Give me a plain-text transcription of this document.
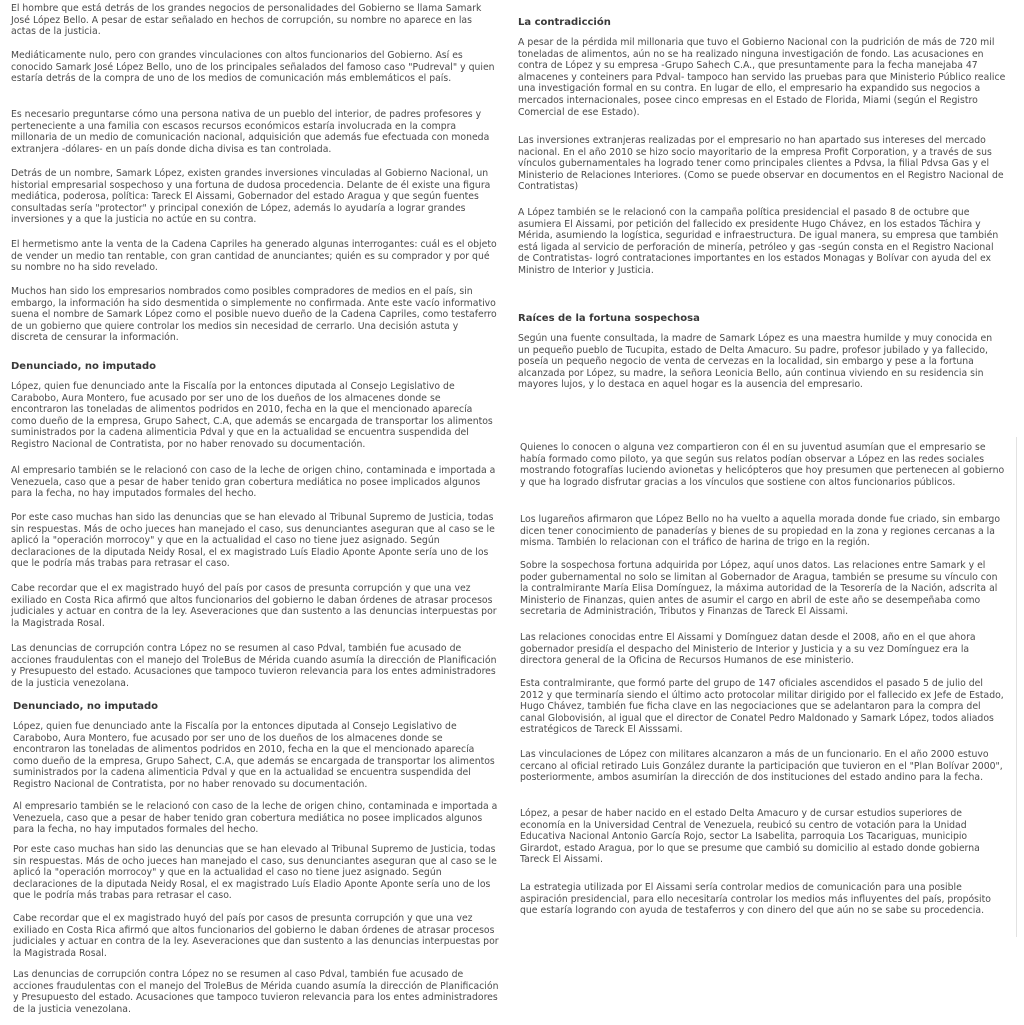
El hombre que está detrás de los grandes negocios de personalidades del Gobierno se llama Samark José López Bello. A pesar de estar señalado en hechos de corrupción, su nombre no aparece en las actas de la justicia.

Mediáticamente nulo, pero con grandes vinculaciones con altos funcionarios del Gobierno. Así es conocido Samark José López Bello, uno de los principales señalados del famoso caso "Pudreval" y quien estaría detrás de la compra de uno de los medios de comunicación más emblemáticos el país.

Es necesario preguntarse cómo una persona nativa de un pueblo del interior, de padres profesores y perteneciente a una familia con escasos recursos económicos estaría involucrada en la compra millonaria de un medio de comunicación nacional, adquisición que además fue efectuada con moneda extranjera -dólares- en un país donde dicha divisa es tan controlada.

Detrás de un nombre, Samark López, existen grandes inversiones vinculadas al Gobierno Nacional, un historial empresarial sospechoso y una fortuna de dudosa procedencia. Delante de él existe una figura mediática, poderosa, política: Tareck El Aissami, Gobernador del estado Aragua y que según fuentes consultadas sería "protector" y principal conexión de López, además lo ayudaría a lograr grandes inversiones y a que la justicia no actúe en su contra.

El hermetismo ante la venta de la Cadena Capriles ha generado algunas interrogantes: cuál es el objeto de vender un medio tan rentable, con gran cantidad de anunciantes; quién es su comprador y por qué su nombre no ha sido revelado.

Muchos han sido los empresarios nombrados como posibles compradores de medios en el país, sin embargo, la información ha sido desmentida o simplemente no confirmada. Ante este vacío informativo suena el nombre de Samark López como el posible nuevo dueño de la Cadena Capriles, como testaferro de un gobierno que quiere controlar los medios sin necesidad de cerrarlo. Una decisión astuta y discreta de censurar la información.

Denunciado, no imputado

López, quien fue denunciado ante la Fiscalía por la entonces diputada al Consejo Legislativo de Carabobo, Aura Montero, fue acusado por ser uno de los dueños de los almacenes donde se encontraron las toneladas de alimentos podridos en 2010, fecha en la que el mencionado aparecía como dueño de la empresa, Grupo Sahect, C.A, que además se encargada de transportar los alimentos suministrados por la cadena alimenticia Pdval y que en la actualidad se encuentra suspendida del Registro Nacional de Contratista, por no haber renovado su documentación.

Al empresario también se le relacionó con caso de la leche de origen chino, contaminada e importada a Venezuela, caso que a pesar de haber tenido gran cobertura mediática no posee implicados algunos para la fecha, no hay imputados formales del hecho.

Por este caso muchas han sido las denuncias que se han elevado al Tribunal Supremo de Justicia, todas sin respuestas. Más de ocho jueces han manejado el caso, sus denunciantes aseguran que al caso se le aplicó la "operación morrocoy" y que en la actualidad el caso no tiene juez asignado. Según declaraciones de la diputada Neidy Rosal, el ex magistrado Luís Eladio Aponte Aponte sería uno de los que le podría más trabas para retrasar el caso.

Cabe recordar que el ex magistrado huyó del país por casos de presunta corrupción y que una vez exiliado en Costa Rica afirmó que altos funcionarios del gobierno le daban órdenes de atrasar procesos judiciales y actuar en contra de la ley. Aseveraciones que dan sustento a las denuncias interpuestas por la Magistrada Rosal.

Las denuncias de corrupción contra López no se resumen al caso Pdval, también fue acusado de acciones fraudulentas con el manejo del TroleBus de Mérida cuando asumía la dirección de Planificación y Presupuesto del estado. Acusaciones que tampoco tuvieron relevancia para los entes administradores de la justicia venezolana.

Denunciado, no imputado

López, quien fue denunciado ante la Fiscalía por la entonces diputada al Consejo Legislativo de Carabobo, Aura Montero, fue acusado por ser uno de los dueños de los almacenes donde se encontraron las toneladas de alimentos podridos en 2010, fecha en la que el mencionado aparecía como dueño de la empresa, Grupo Sahect, C.A, que además se encargada de transportar los alimentos suministrados por la cadena alimenticia Pdval y que en la actualidad se encuentra suspendida del Registro Nacional de Contratista, por no haber renovado su documentación.

Al empresario también se le relacionó con caso de la leche de origen chino, contaminada e importada a Venezuela, caso que a pesar de haber tenido gran cobertura mediática no posee implicados algunos para la fecha, no hay imputados formales del hecho.

Por este caso muchas han sido las denuncias que se han elevado al Tribunal Supremo de Justicia, todas sin respuestas. Más de ocho jueces han manejado el caso, sus denunciantes aseguran que al caso se le aplicó la "operación morrocoy" y que en la actualidad el caso no tiene juez asignado. Según declaraciones de la diputada Neidy Rosal, el ex magistrado Luís Eladio Aponte Aponte sería uno de los que le podría más trabas para retrasar el caso.

Cabe recordar que el ex magistrado huyó del país por casos de presunta corrupción y que una vez exiliado en Costa Rica afirmó que altos funcionarios del gobierno le daban órdenes de atrasar procesos judiciales y actuar en contra de la ley. Aseveraciones que dan sustento a las denuncias interpuestas por la Magistrada Rosal.

Las denuncias de corrupción contra López no se resumen al caso Pdval, también fue acusado de acciones fraudulentas con el manejo del TroleBus de Mérida cuando asumía la dirección de Planificación y Presupuesto del estado. Acusaciones que tampoco tuvieron relevancia para los entes administradores de la justicia venezolana.

La contradicción

A pesar de la pérdida mil millonaria que tuvo el Gobierno Nacional con la pudrición de más de 720 mil toneladas de alimentos, aún no se ha realizado ninguna investigación de fondo. Las acusaciones en contra de López y su empresa -Grupo Sahech C.A., que presuntamente para la fecha manejaba 47 almacenes y conteiners para Pdval- tampoco han servido las pruebas para que Ministerio Público realice una investigación formal en su contra. En lugar de ello, el empresario ha expandido sus negocios a mercados internacionales, posee cinco empresas en el Estado de Florida, Miami (según el Registro Comercial de ese Estado).

Las inversiones extranjeras realizadas por el empresario no han apartado sus intereses del mercado nacional. En el año 2010 se hizo socio mayoritario de la empresa Profit Corporation, y a través de sus vínculos gubernamentales ha logrado tener como principales clientes a Pdvsa, la filial Pdvsa Gas y el Ministerio de Relaciones Interiores. (Como se puede observar en documentos en el Registro Nacional de Contratistas)

A López también se le relacionó con la campaña política presidencial el pasado 8 de octubre que asumiera El Aissami, por petición del fallecido ex presidente Hugo Chávez, en los estados Táchira y Mérida, asumiendo la logística, seguridad e infraestructura. De igual manera, su empresa que también está ligada al servicio de perforación de minería, petróleo y gas -según consta en el Registro Nacional de Contratistas- logró contrataciones importantes en los estados Monagas y Bolívar con ayuda del ex Ministro de Interior y Justicia.

Raíces de la fortuna sospechosa

Según una fuente consultada, la madre de Samark López es una maestra humilde y muy conocida en un pequeño pueblo de Tucupita, estado de Delta Amacuro. Su padre, profesor jubilado y ya fallecido, poseía un pequeño negocio de venta de cervezas en la localidad, sin embargo y pese a la fortuna alcanzada por López, su madre, la señora Leonicia Bello, aún continua viviendo en su residencia sin mayores lujos, y lo destaca en aquel hogar es la ausencia del empresario.

Quienes lo conocen o alguna vez compartieron con él en su juventud asumían que el empresario se había formado como piloto, ya que según sus relatos podían observar a López en las redes sociales mostrando fotografías luciendo avionetas y helicópteros que hoy presumen que pertenecen al gobierno y que ha logrado disfrutar gracias a los vínculos que sostiene con altos funcionarios públicos.

Los lugareños afirmaron que López Bello no ha vuelto a aquella morada donde fue criado, sin embargo dicen tener conocimiento de panaderías y bienes de su propiedad en la zona y regiones cercanas a la misma. También lo relacionan con el tráfico de harina de trigo en la región.

Sobre la sospechosa fortuna adquirida por López, aquí unos datos. Las relaciones entre Samark y el poder gubernamental no solo se limitan al Gobernador de Aragua, también se presume su vínculo con la contralmirante María Elisa Domínguez, la máxima autoridad de la Tesorería de la Nación, adscrita al Ministerio de Finanzas, quien antes de asumir el cargo en abril de este año se desempeñaba como secretaria de Administración, Tributos y Finanzas de Tareck El Aissami.

Las relaciones conocidas entre El Aissami y Domínguez datan desde el 2008, año en el que ahora gobernador presidía el despacho del Ministerio de Interior y Justicia y a su vez Domínguez era la directora general de la Oficina de Recursos Humanos de ese ministerio.

Esta contralmirante, que formó parte del grupo de 147 oficiales ascendidos el pasado 5 de julio del 2012 y que terminaría siendo el último acto protocolar militar dirigido por el fallecido ex Jefe de Estado, Hugo Chávez, también fue ficha clave en las negociaciones que se adelantaron para la compra del canal Globovisión, al igual que el director de Conatel Pedro Maldonado y Samark López, todos aliados estratégicos de Tareck El Aisssami.

Las vinculaciones de López con militares alcanzaron a más de un funcionario. En el año 2000 estuvo cercano al oficial retirado Luis González durante la participación que tuvieron en el "Plan Bolívar 2000", posteriormente, ambos asumirían la dirección de dos instituciones del estado andino para la fecha.

López, a pesar de haber nacido en el estado Delta Amacuro y de cursar estudios superiores de economía en la Universidad Central de Venezuela, reubicó su centro de votación para la Unidad Educativa Nacional Antonio García Rojo, sector La Isabelita, parroquia Los Tacariguas, municipio Girardot, estado Aragua, por lo que se presume que cambió su domicilio al estado donde gobierna Tareck El Aissami.

La estrategia utilizada por El Aissami sería controlar medios de comunicación para una posible aspiración presidencial, para ello necesitaría controlar los medios más influyentes del país, propósito que estaría logrando con ayuda de testaferros y con dinero del que aún no se sabe su procedencia.
